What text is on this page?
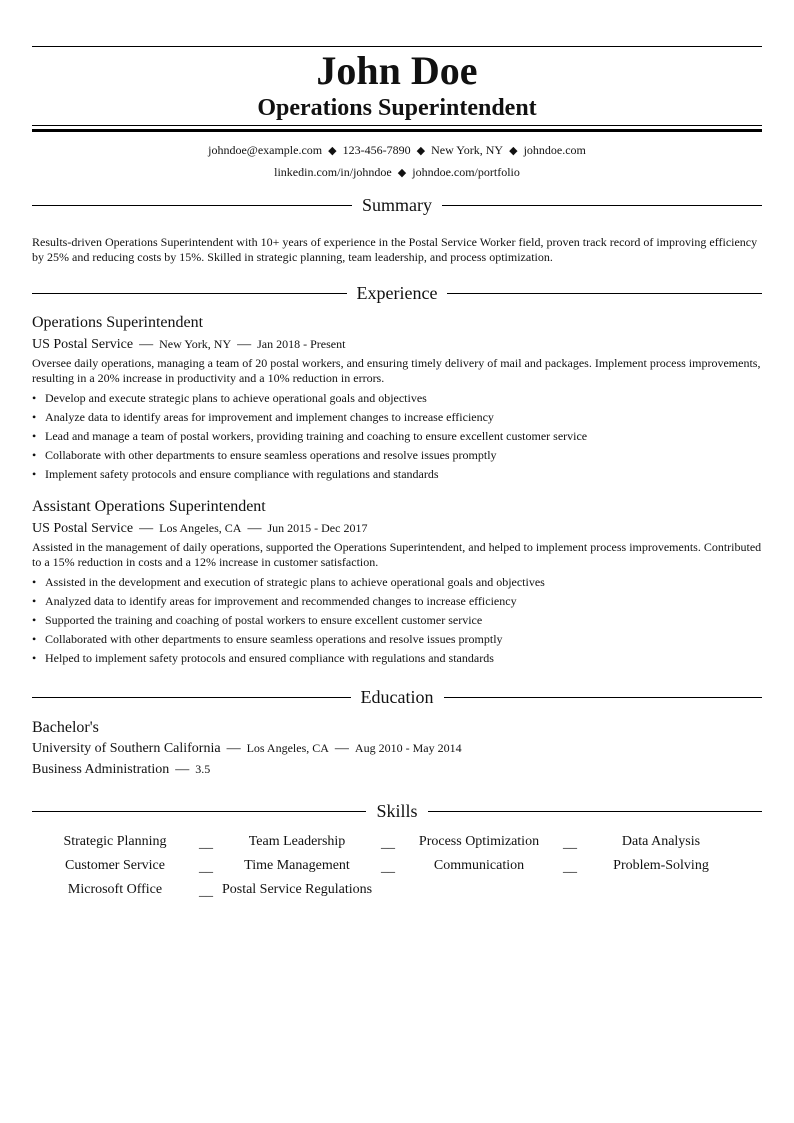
John Doe
Operations Superintendent
johndoe@example.com ◆ 123-456-7890 ◆ New York, NY ◆ johndoe.com
linkedin.com/in/johndoe ◆ johndoe.com/portfolio
Summary
Results-driven Operations Superintendent with 10+ years of experience in the Postal Service Worker field, proven track record of improving efficiency by 25% and reducing costs by 15%. Skilled in strategic planning, team leadership, and process optimization.
Experience
Operations Superintendent
US Postal Service — New York, NY — Jan 2018 - Present
Oversee daily operations, managing a team of 20 postal workers, and ensuring timely delivery of mail and packages. Implement process improvements, resulting in a 20% increase in productivity and a 10% reduction in errors.
• Develop and execute strategic plans to achieve operational goals and objectives
• Analyze data to identify areas for improvement and implement changes to increase efficiency
• Lead and manage a team of postal workers, providing training and coaching to ensure excellent customer service
• Collaborate with other departments to ensure seamless operations and resolve issues promptly
• Implement safety protocols and ensure compliance with regulations and standards
Assistant Operations Superintendent
US Postal Service — Los Angeles, CA — Jun 2015 - Dec 2017
Assisted in the management of daily operations, supported the Operations Superintendent, and helped to implement process improvements. Contributed to a 15% reduction in costs and a 12% increase in customer satisfaction.
• Assisted in the development and execution of strategic plans to achieve operational goals and objectives
• Analyzed data to identify areas for improvement and recommended changes to increase efficiency
• Supported the training and coaching of postal workers to ensure excellent customer service
• Collaborated with other departments to ensure seamless operations and resolve issues promptly
• Helped to implement safety protocols and ensured compliance with regulations and standards
Education
Bachelor's
University of Southern California — Los Angeles, CA — Aug 2010 - May 2014
Business Administration — 3.5
Skills
Strategic Planning	__	Team Leadership	__	Process Optimization	__	Data Analysis
Customer Service	__	Time Management	__	Communication	__	Problem-Solving
Microsoft Office	__ Postal Service Regulations
